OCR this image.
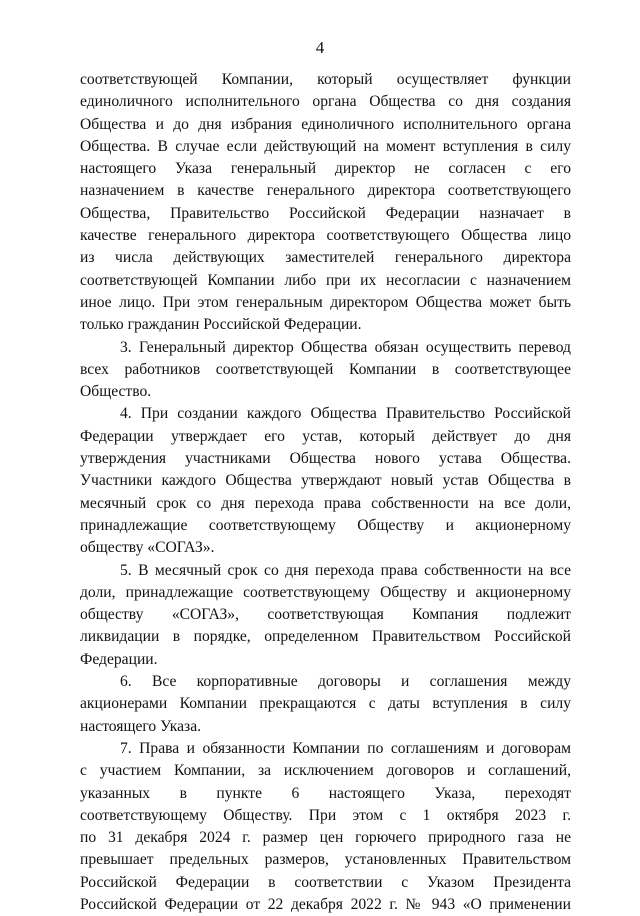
4
соответствующей Компании, который осуществляет функции
единоличного исполнительного органа Общества со дня создания
Общества и до дня избрания единоличного исполнительного органа
Общества. В случае если действующий на момент вступления в силу
настоящего Указа генеральный директор не согласен с его
назначением в качестве генерального директора соответствующего
Общества, Правительство Российской Федерации назначает в
качестве генерального директора соответствующего Общества лицо
из числа действующих заместителей генерального директора
соответствующей Компании либо при их несогласии с назначением
иное лицо. При этом генеральным директором Общества может быть
только гражданин Российской Федерации.
3. Генеральный директор Общества обязан осуществить перевод
всех работников соответствующей Компании в соответствующее
Общество.
4. При создании каждого Общества Правительство Российской
Федерации утверждает его устав, который действует до дня
утверждения участниками Общества нового устава Общества.
Участники каждого Общества утверждают новый устав Общества в
месячный срок со дня перехода права собственности на все доли,
принадлежащие соответствующему Обществу и акционерному
обществу «СОГАЗ».
5. В месячный срок со дня перехода права собственности на все
доли, принадлежащие соответствующему Обществу и акционерному
обществу «СОГАЗ», соответствующая Компания подлежит
ликвидации в порядке, определенном Правительством Российской
Федерации.
6. Все корпоративные договоры и соглашения между
акционерами Компании прекращаются с даты вступления в силу
настоящего Указа.
7. Права и обязанности Компании по соглашениям и договорам
с участием Компании, за исключением договоров и соглашений,
указанных в пункте 6 настоящего Указа, переходят
соответствующему Обществу. При этом с 1 октября 2023 г.
по 31 декабря 2024 г. размер цен горючего природного газа не
превышает предельных размеров, установленных Правительством
Российской Федерации в соответствии с Указом Президента
Российской Федерации от 22 декабря 2022 г. № 943 «О применении
